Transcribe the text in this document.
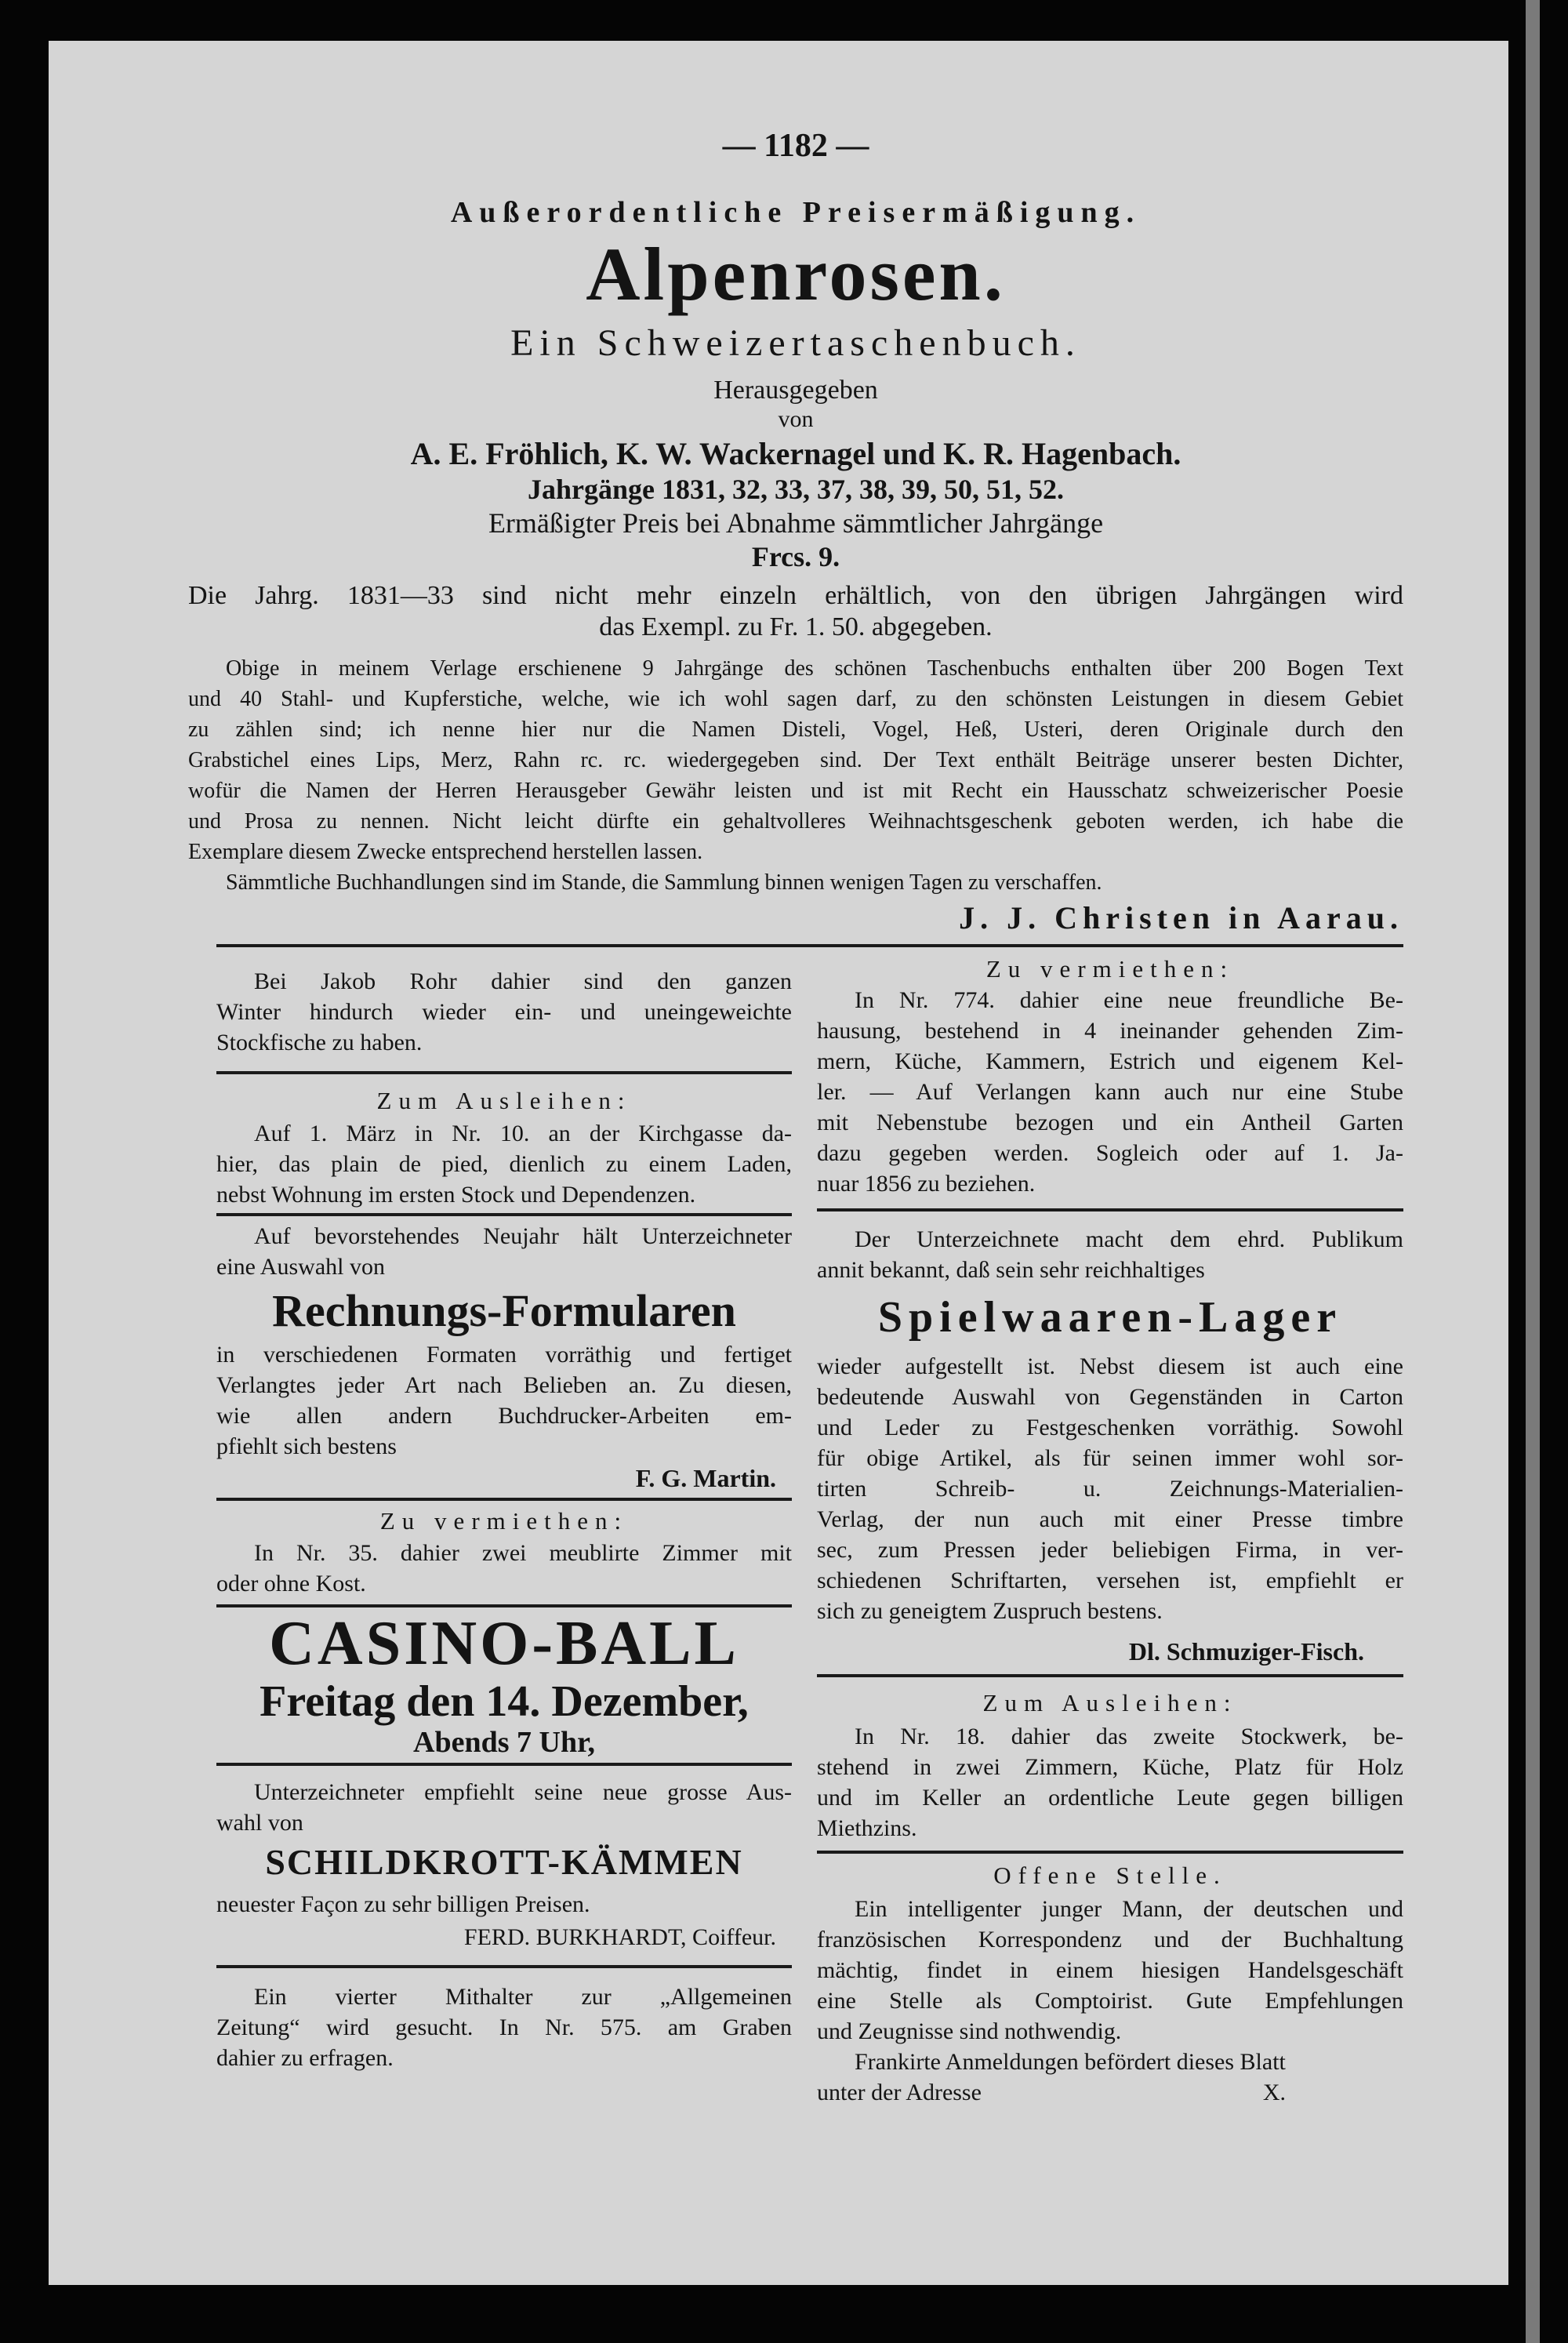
— 1182 —
Außerordentliche Preisermäßigung.
Alpenrosen.
Ein Schweizertaschenbuch.
Herausgegeben
von
A. E. Fröhlich, K. W. Wackernagel und K. R. Hagenbach.
Jahrgänge 1831, 32, 33, 37, 38, 39, 50, 51, 52.
Ermäßigter Preis bei Abnahme sämmtlicher Jahrgänge
Frcs. 9.
Die Jahrg. 1831—33 sind nicht mehr einzeln erhältlich, von den übrigen Jahrgängen wird
das Exempl. zu Fr. 1. 50. abgegeben.
Obige in meinem Verlage erschienene 9 Jahrgänge des schönen Taschenbuchs enthalten über 200 Bogen Text
und 40 Stahl- und Kupferstiche, welche, wie ich wohl sagen darf, zu den schönsten Leistungen in diesem Gebiet
zu zählen sind; ich nenne hier nur die Namen Disteli, Vogel, Heß, Usteri, deren Originale durch den
Grabstichel eines Lips, Merz, Rahn rc. rc. wiedergegeben sind. Der Text enthält Beiträge unserer besten Dichter,
wofür die Namen der Herren Herausgeber Gewähr leisten und ist mit Recht ein Hausschatz schweizerischer Poesie
und Prosa zu nennen. Nicht leicht dürfte ein gehaltvolleres Weihnachtsgeschenk geboten werden, ich habe die
Exemplare diesem Zwecke entsprechend herstellen lassen.
Sämmtliche Buchhandlungen sind im Stande, die Sammlung binnen wenigen Tagen zu verschaffen.
J. J. Christen in Aarau.
Bei Jakob Rohr dahier sind den ganzen
Winter hindurch wieder ein- und uneingeweichte
Stockfische zu haben.
Zum Ausleihen:
Auf 1. März in Nr. 10. an der Kirchgasse da-
hier, das plain de pied, dienlich zu einem Laden,
nebst Wohnung im ersten Stock und Dependenzen.
Auf bevorstehendes Neujahr hält Unterzeichneter
eine Auswahl von
Rechnungs-Formularen
in verschiedenen Formaten vorräthig und fertiget
Verlangtes jeder Art nach Belieben an. Zu diesen,
wie allen andern Buchdrucker-Arbeiten em-
pfiehlt sich bestens
F. G. Martin.
Zu vermiethen:
In Nr. 35. dahier zwei meublirte Zimmer mit
oder ohne Kost.
CASINO-BALL
Freitag den 14. Dezember,
Abends 7 Uhr,
Unterzeichneter empfiehlt seine neue grosse Aus-
wahl von
SCHILDKROTT-KÄMMEN
neuester Façon zu sehr billigen Preisen.
FERD. BURKHARDT, Coiffeur.
Ein vierter Mithalter zur „Allgemeinen
Zeitung“ wird gesucht. In Nr. 575. am Graben
dahier zu erfragen.
Zu vermiethen:
In Nr. 774. dahier eine neue freundliche Be-
hausung, bestehend in 4 ineinander gehenden Zim-
mern, Küche, Kammern, Estrich und eigenem Kel-
ler. — Auf Verlangen kann auch nur eine Stube
mit Nebenstube bezogen und ein Antheil Garten
dazu gegeben werden. Sogleich oder auf 1. Ja-
nuar 1856 zu beziehen.
Der Unterzeichnete macht dem ehrd. Publikum
annit bekannt, daß sein sehr reichhaltiges
Spielwaaren-Lager
wieder aufgestellt ist. Nebst diesem ist auch eine
bedeutende Auswahl von Gegenständen in Carton
und Leder zu Festgeschenken vorräthig. Sowohl
für obige Artikel, als für seinen immer wohl sor-
tirten Schreib- u. Zeichnungs-Materialien-
Verlag, der nun auch mit einer Presse timbre
sec, zum Pressen jeder beliebigen Firma, in ver-
schiedenen Schriftarten, versehen ist, empfiehlt er
sich zu geneigtem Zuspruch bestens.
Dl. Schmuziger-Fisch.
Zum Ausleihen:
In Nr. 18. dahier das zweite Stockwerk, be-
stehend in zwei Zimmern, Küche, Platz für Holz
und im Keller an ordentliche Leute gegen billigen
Miethzins.
Offene Stelle.
Ein intelligenter junger Mann, der deutschen und
französischen Korrespondenz und der Buchhaltung
mächtig, findet in einem hiesigen Handelsgeschäft
eine Stelle als Comptoirist. Gute Empfehlungen
und Zeugnisse sind nothwendig.
Frankirte Anmeldungen befördert dieses Blatt
unter der Adresse	X.
